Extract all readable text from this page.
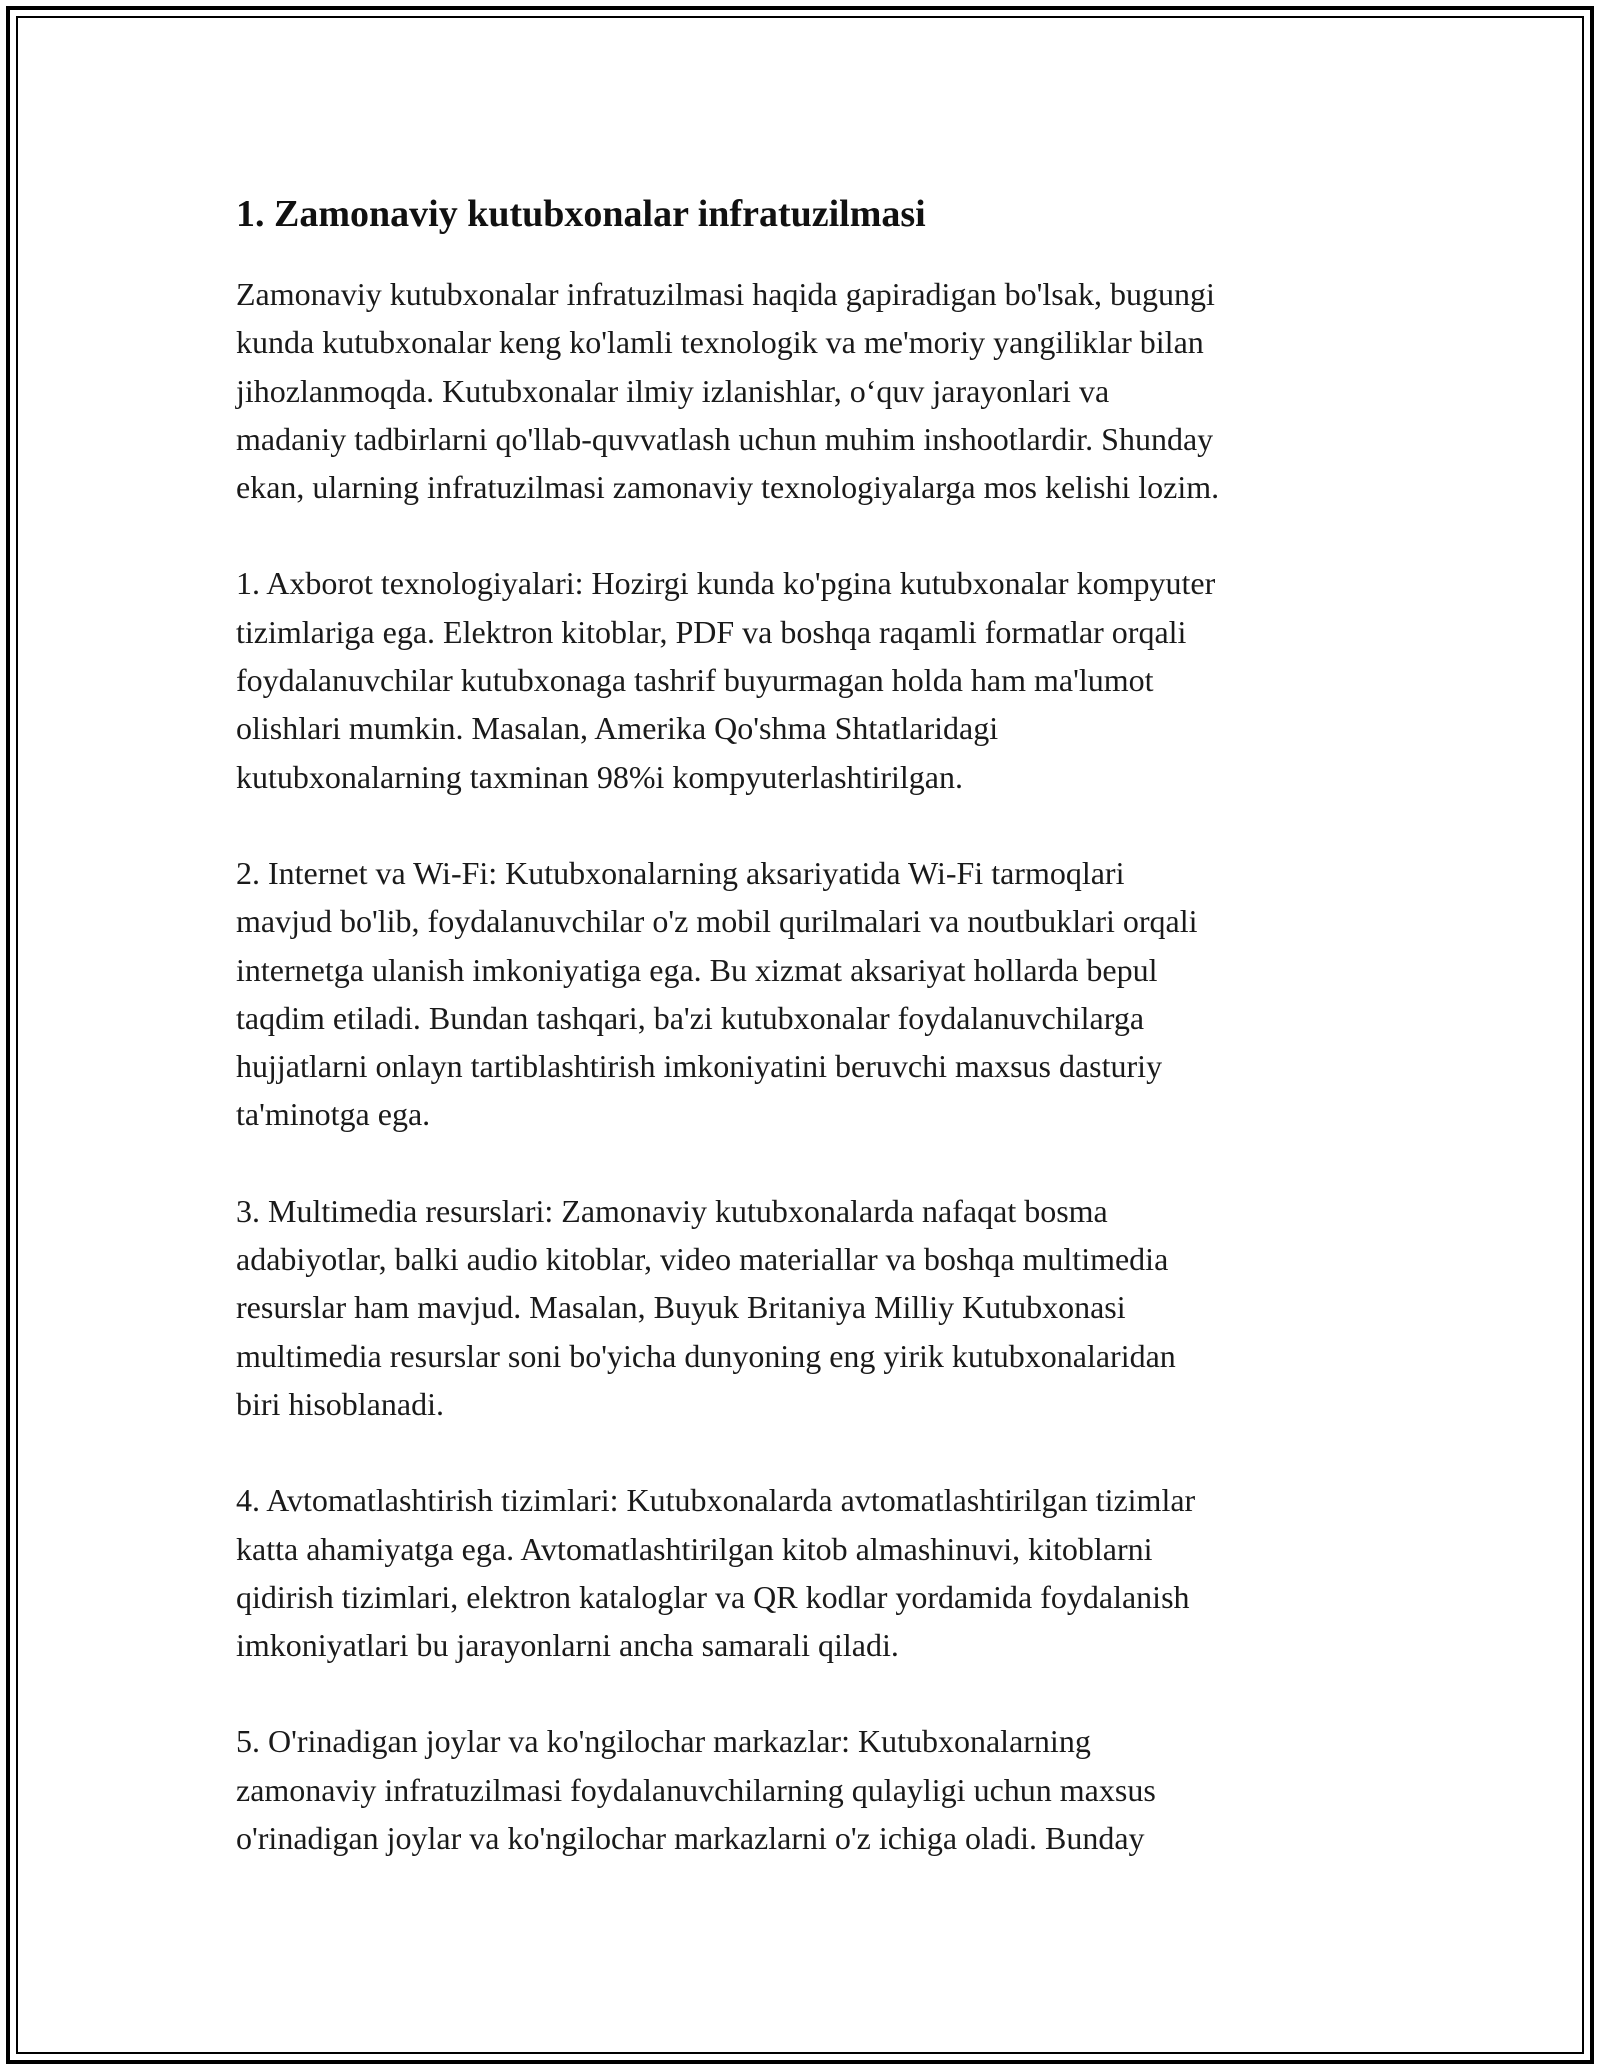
1. Zamonaviy kutubxonalar infratuzilmasi

Zamonaviy kutubxonalar infratuzilmasi haqida gapiradigan bo'lsak, bugungi
kunda kutubxonalar keng ko'lamli texnologik va me'moriy yangiliklar bilan
jihozlanmoqda. Kutubxonalar ilmiy izlanishlar, oʻquv jarayonlari va
madaniy tadbirlarni qo'llab-quvvatlash uchun muhim inshootlardir. Shunday
ekan, ularning infratuzilmasi zamonaviy texnologiyalarga mos kelishi lozim.

1. Axborot texnologiyalari: Hozirgi kunda ko'pgina kutubxonalar kompyuter
tizimlariga ega. Elektron kitoblar, PDF va boshqa raqamli formatlar orqali
foydalanuvchilar kutubxonaga tashrif buyurmagan holda ham ma'lumot
olishlari mumkin. Masalan, Amerika Qo'shma Shtatlaridagi
kutubxonalarning taxminan 98%i kompyuterlashtirilgan.

2. Internet va Wi-Fi: Kutubxonalarning aksariyatida Wi-Fi tarmoqlari
mavjud bo'lib, foydalanuvchilar o'z mobil qurilmalari va noutbuklari orqali
internetga ulanish imkoniyatiga ega. Bu xizmat aksariyat hollarda bepul
taqdim etiladi. Bundan tashqari, ba'zi kutubxonalar foydalanuvchilarga
hujjatlarni onlayn tartiblashtirish imkoniyatini beruvchi maxsus dasturiy
ta'minotga ega.

3. Multimedia resurslari: Zamonaviy kutubxonalarda nafaqat bosma
adabiyotlar, balki audio kitoblar, video materiallar va boshqa multimedia
resurslar ham mavjud. Masalan, Buyuk Britaniya Milliy Kutubxonasi
multimedia resurslar soni bo'yicha dunyoning eng yirik kutubxonalaridan
biri hisoblanadi.

4. Avtomatlashtirish tizimlari: Kutubxonalarda avtomatlashtirilgan tizimlar
katta ahamiyatga ega. Avtomatlashtirilgan kitob almashinuvi, kitoblarni
qidirish tizimlari, elektron kataloglar va QR kodlar yordamida foydalanish
imkoniyatlari bu jarayonlarni ancha samarali qiladi.

5. O'rinadigan joylar va ko'ngilochar markazlar: Kutubxonalarning
zamonaviy infratuzilmasi foydalanuvchilarning qulayligi uchun maxsus
o'rinadigan joylar va ko'ngilochar markazlarni o'z ichiga oladi. Bunday
